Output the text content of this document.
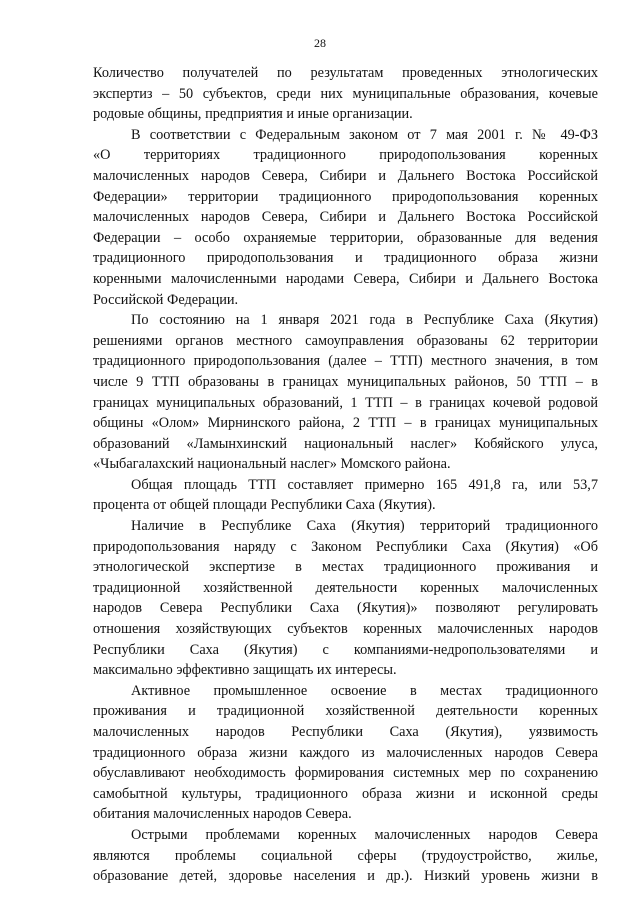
28
Количество получателей по результатам проведенных этнологических
экспертиз – 50 субъектов, среди них муниципальные образования, кочевые
родовые общины, предприятия и иные организации.
В соответствии с Федеральным законом от 7 мая 2001 г. № 49-ФЗ
«О территориях традиционного природопользования коренных
малочисленных народов Севера, Сибири и Дальнего Востока Российской
Федерации» территории традиционного природопользования коренных
малочисленных народов Севера, Сибири и Дальнего Востока Российской
Федерации – особо охраняемые территории, образованные для ведения
традиционного природопользования и традиционного образа жизни
коренными малочисленными народами Севера, Сибири и Дальнего Востока
Российской Федерации.
По состоянию на 1 января 2021 года в Республике Саха (Якутия)
решениями органов местного самоуправления образованы 62 территории
традиционного природопользования (далее – ТТП) местного значения, в том
числе 9 ТТП образованы в границах муниципальных районов, 50 ТТП – в
границах муниципальных образований, 1 ТТП – в границах кочевой родовой
общины «Олом» Мирнинского района, 2 ТТП – в границах муниципальных
образований «Ламынхинский национальный наслег» Кобяйского улуса,
«Чыбагалахский национальный наслег» Момского района.
Общая площадь ТТП составляет примерно 165 491,8 га, или 53,7
процента от общей площади Республики Саха (Якутия).
Наличие в Республике Саха (Якутия) территорий традиционного
природопользования наряду с Законом Республики Саха (Якутия) «Об
этнологической экспертизе в местах традиционного проживания и
традиционной хозяйственной деятельности коренных малочисленных
народов Севера Республики Саха (Якутия)» позволяют регулировать
отношения хозяйствующих субъектов коренных малочисленных народов
Республики Саха (Якутия) с компаниями-недропользователями и
максимально эффективно защищать их интересы.
Активное промышленное освоение в местах традиционного
проживания и традиционной хозяйственной деятельности коренных
малочисленных народов Республики Саха (Якутия), уязвимость
традиционного образа жизни каждого из малочисленных народов Севера
обуславливают необходимость формирования системных мер по сохранению
самобытной культуры, традиционного образа жизни и исконной среды
обитания малочисленных народов Севера.
Острыми проблемами коренных малочисленных народов Севера
являются проблемы социальной сферы (трудоустройство, жилье,
образование детей, здоровье населения и др.). Низкий уровень жизни в
